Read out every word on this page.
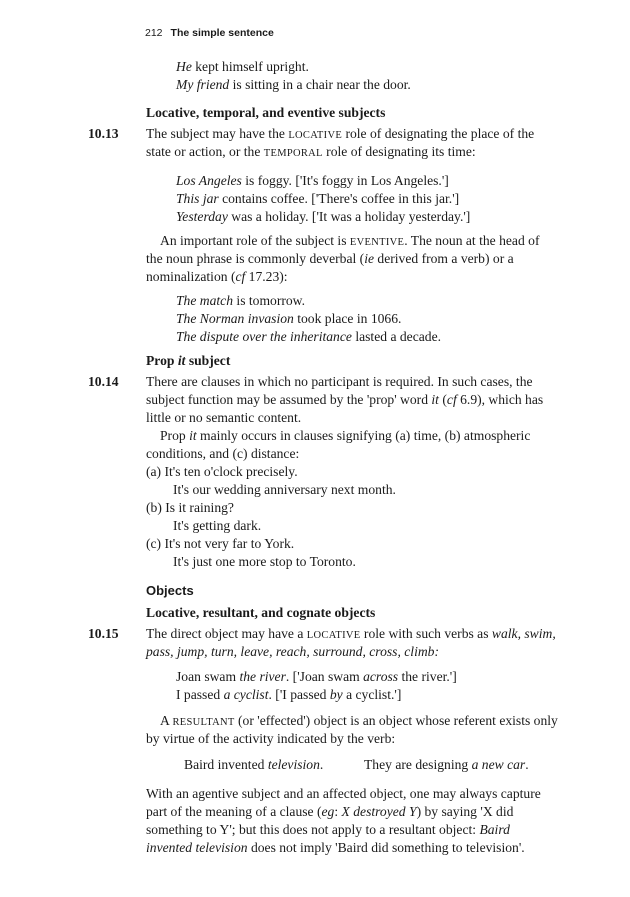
212 The simple sentence
He kept himself upright.
My friend is sitting in a chair near the door.
Locative, temporal, and eventive subjects
10.13 The subject may have the LOCATIVE role of designating the place of the
state or action, or the TEMPORAL role of designating its time:
Los Angeles is foggy. ['It's foggy in Los Angeles.']
This jar contains coffee. ['There's coffee in this jar.']
Yesterday was a holiday. ['It was a holiday yesterday.']
An important role of the subject is EVENTIVE. The noun at the head of
the noun phrase is commonly deverbal (ie derived from a verb) or a
nominalization (cf 17.23):
The match is tomorrow.
The Norman invasion took place in 1066.
The dispute over the inheritance lasted a decade.
Prop it subject
10.14 There are clauses in which no participant is required. In such cases, the
subject function may be assumed by the 'prop' word it (cf 6.9), which has
little or no semantic content.
Prop it mainly occurs in clauses signifying (a) time, (b) atmospheric
conditions, and (c) distance:
(a) It's ten o'clock precisely.
It's our wedding anniversary next month.
(b) Is it raining?
It's getting dark.
(c) It's not very far to York.
It's just one more stop to Toronto.
Objects
Locative, resultant, and cognate objects
10.15 The direct object may have a LOCATIVE role with such verbs as walk, swim,
pass, jump, turn, leave, reach, surround, cross, climb:
Joan swam the river. ['Joan swam across the river.']
I passed a cyclist. ['I passed by a cyclist.']
A RESULTANT (or 'effected') object is an object whose referent exists only
by virtue of the activity indicated by the verb:
Baird invented television.	They are designing a new car.
With an agentive subject and an affected object, one may always capture
part of the meaning of a clause (eg: X destroyed Y) by saying 'X did
something to Y'; but this does not apply to a resultant object: Baird
invented television does not imply 'Baird did something to television'.
